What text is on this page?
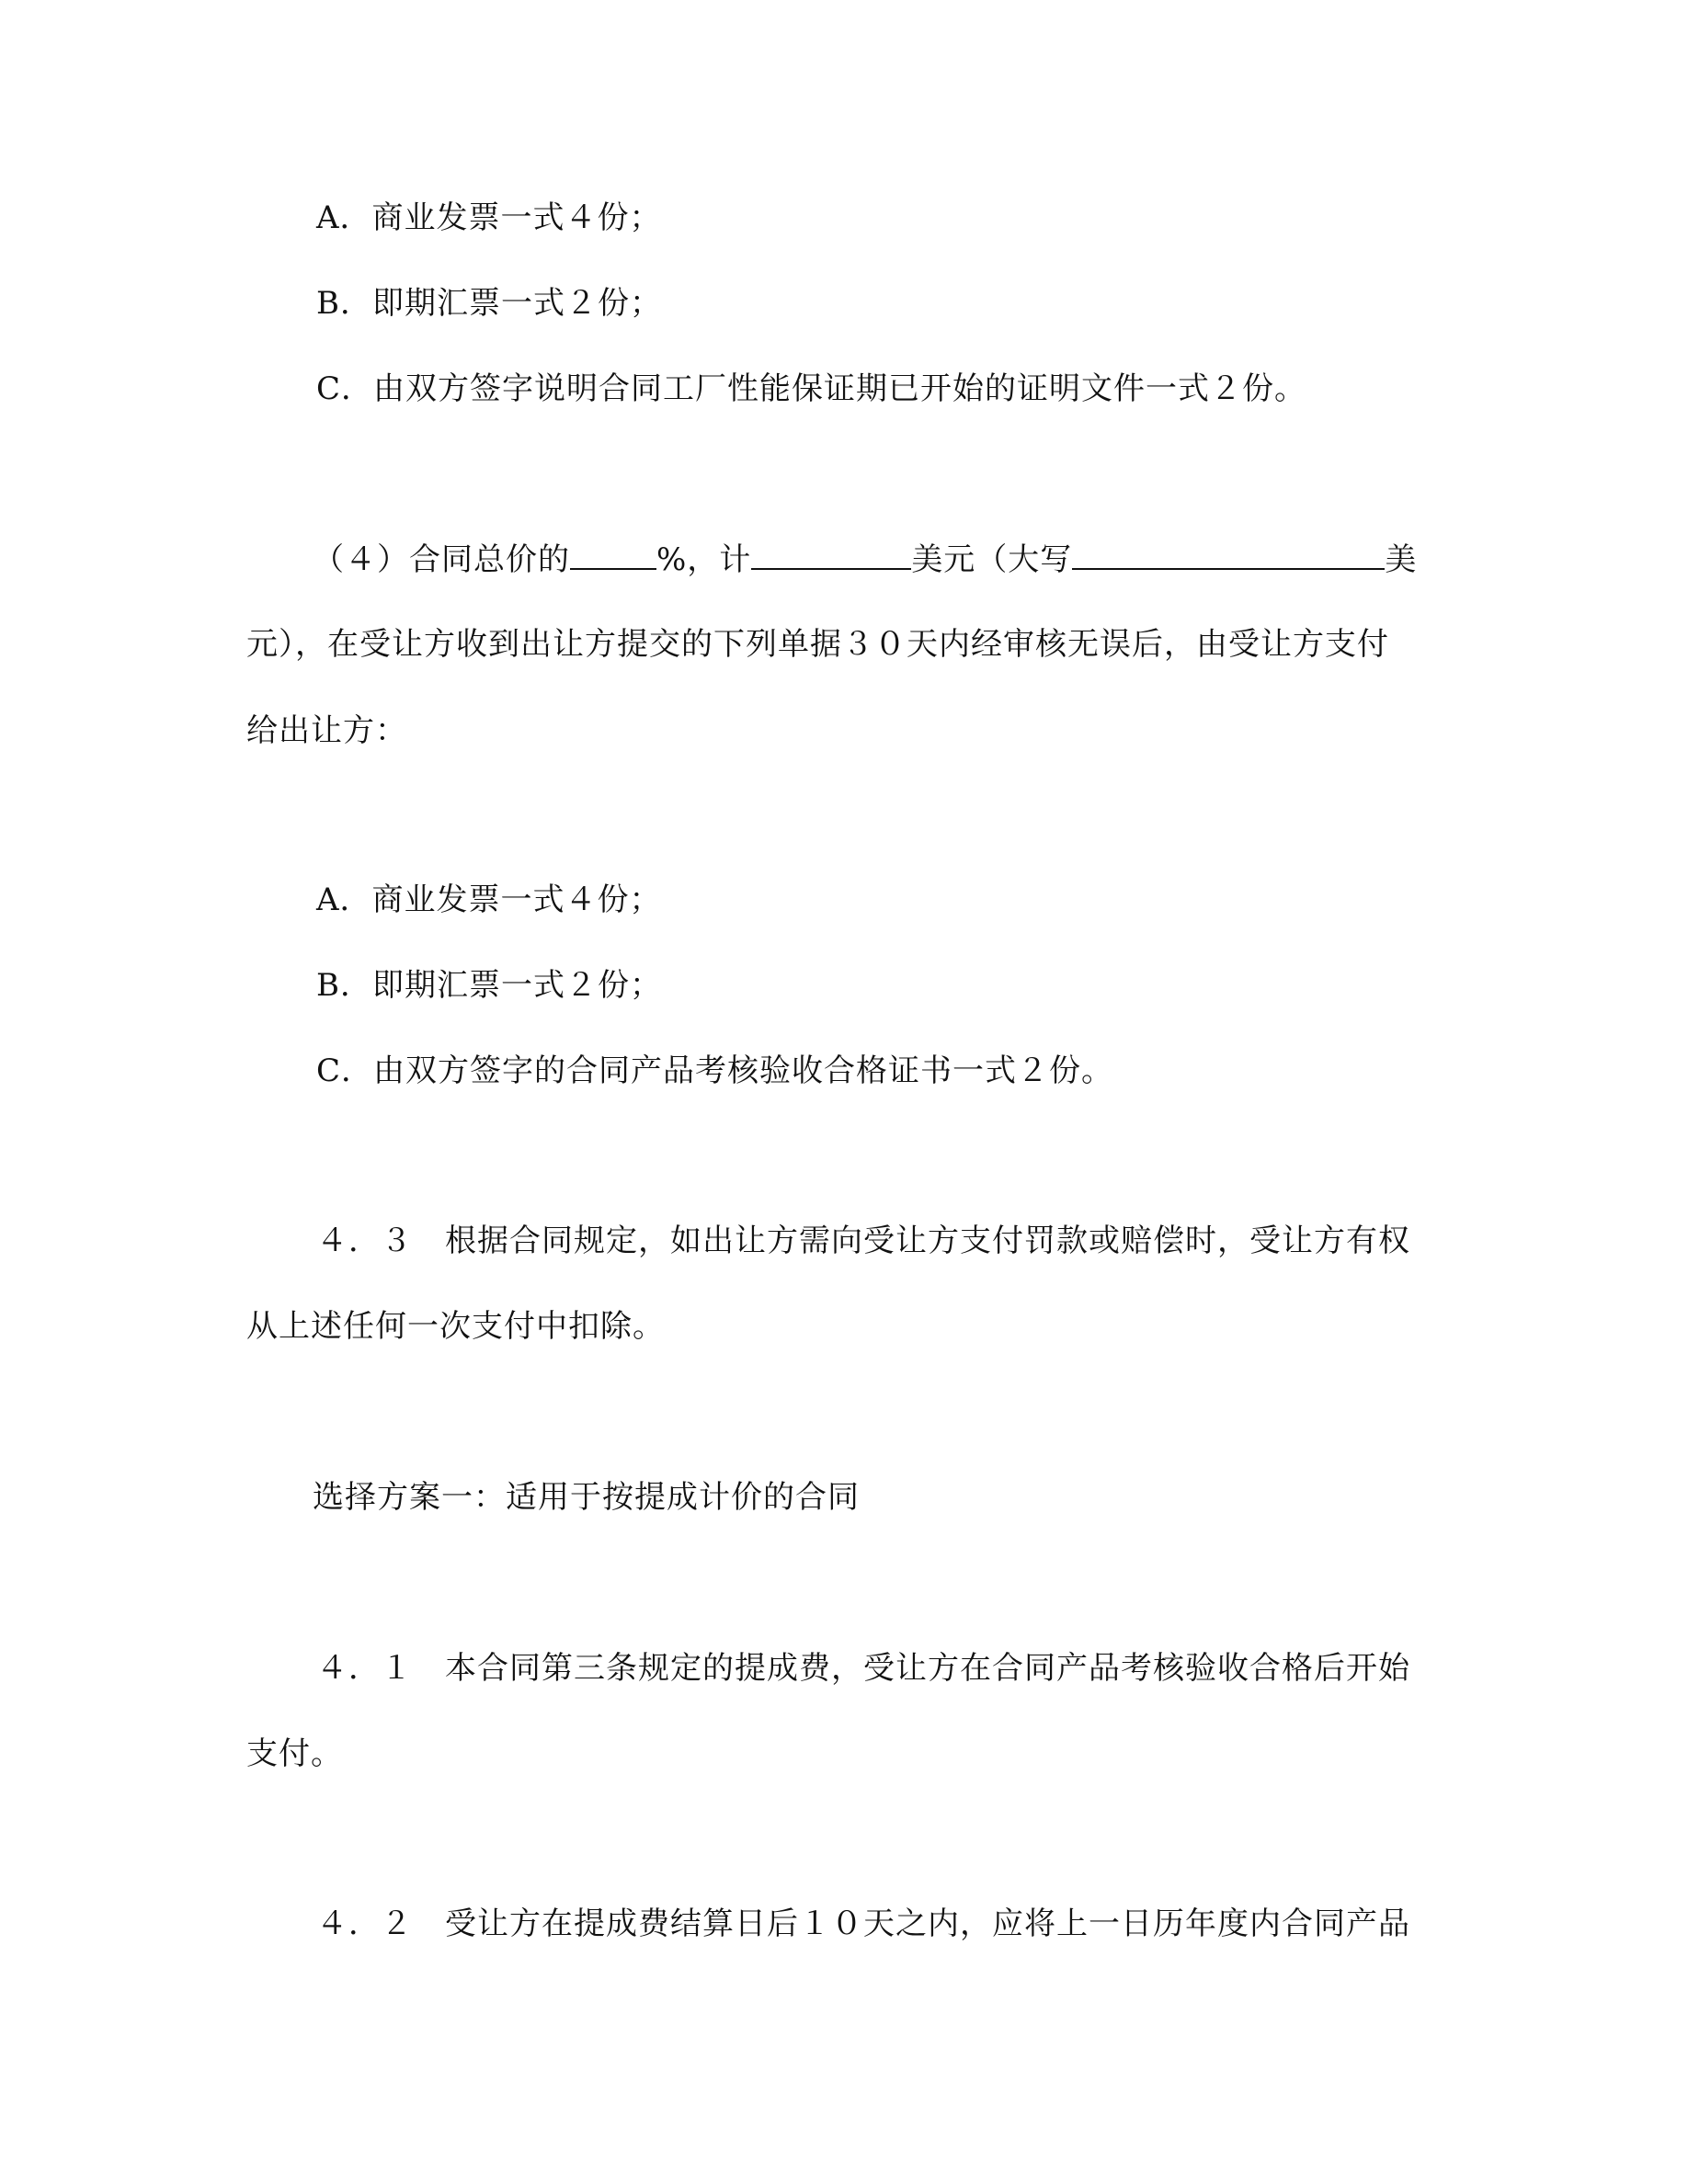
A．商业发票一式４份；
B．即期汇票一式２份；
C．由双方签字说明合同工厂性能保证期已开始的证明文件一式２份。
（４）合同总价的	%，计	美元（大写	美
元），在受让方收到出让方提交的下列单据３０天内经审核无误后，由受让方支付
给出让方：
A．商业发票一式４份；
B．即期汇票一式２份；
C．由双方签字的合同产品考核验收合格证书一式２份。
４．３　根据合同规定，如出让方需向受让方支付罚款或赔偿时，受让方有权
从上述任何一次支付中扣除。
选择方案一：适用于按提成计价的合同
４．１　本合同第三条规定的提成费，受让方在合同产品考核验收合格后开始
支付。
４．２　受让方在提成费结算日后１０天之内，应将上一日历年度内合同产品
